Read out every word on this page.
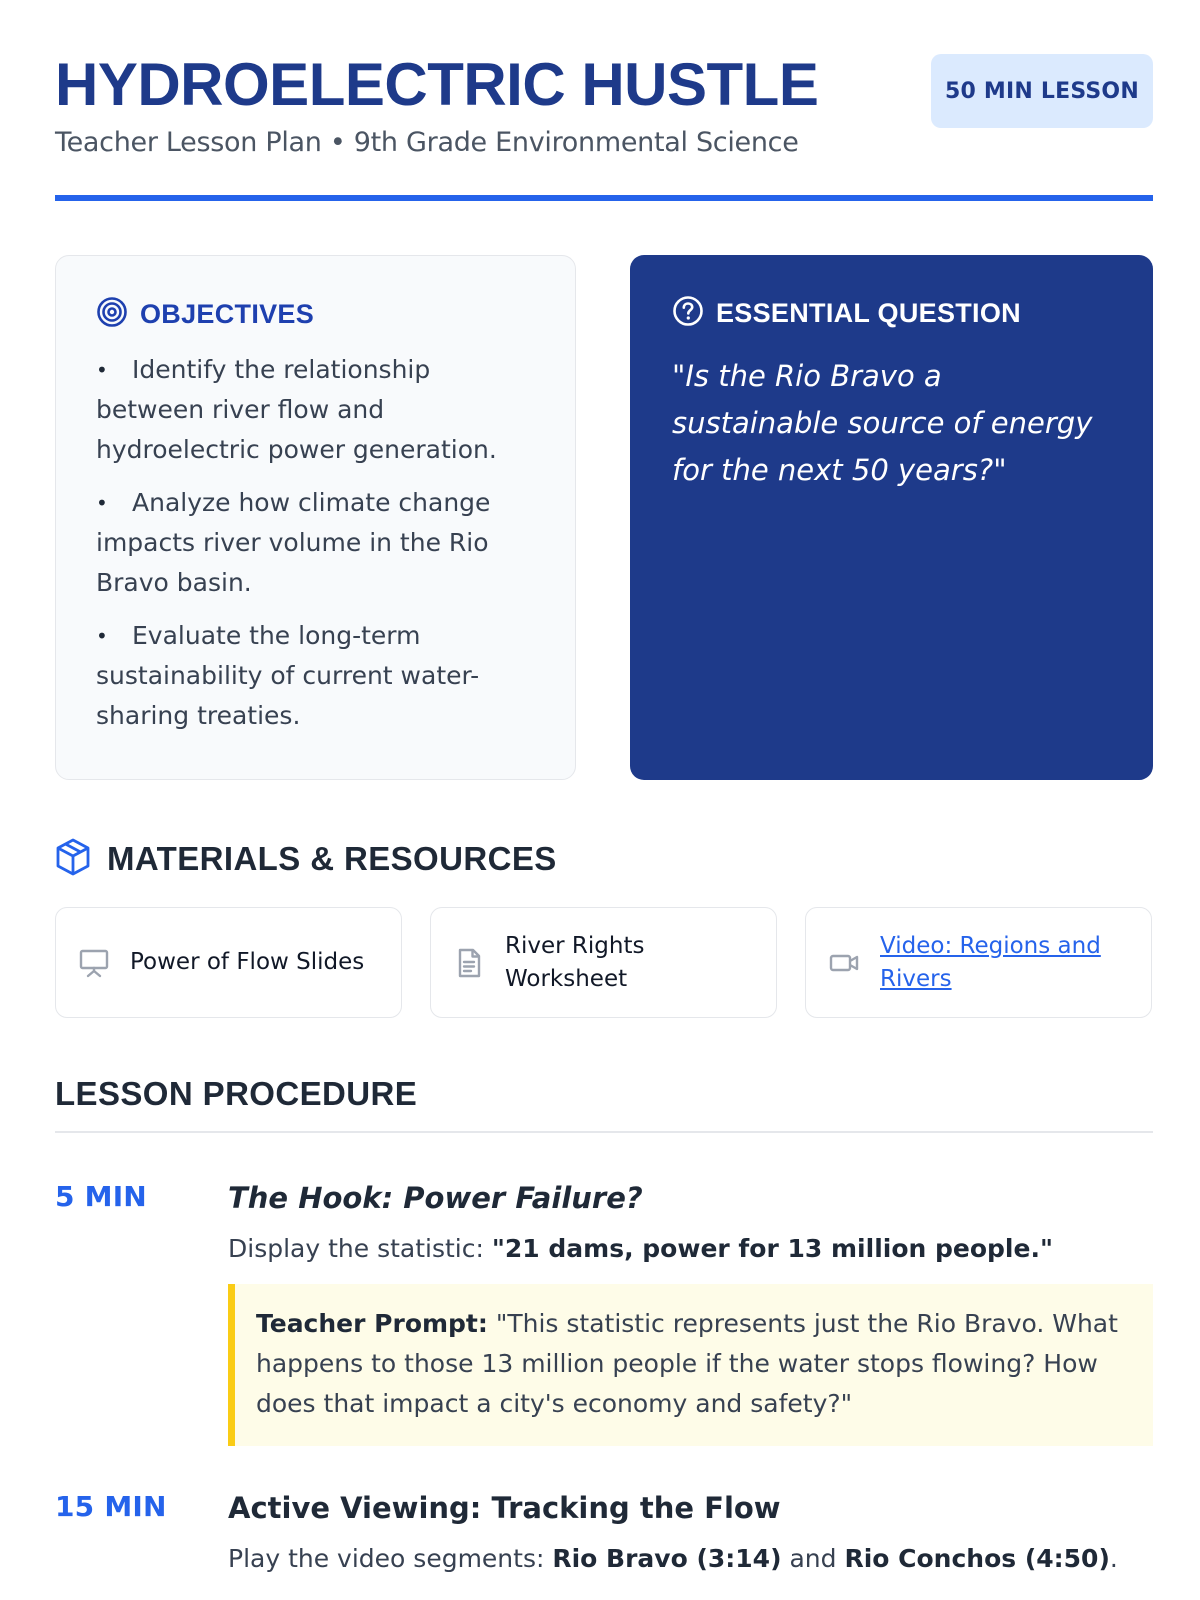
HYDROELECTRIC HUSTLE
Teacher Lesson Plan • 9th Grade Environmental Science
50 MIN LESSON
OBJECTIVES
• Identify the relationship between river flow and hydroelectric power generation.
• Analyze how climate change impacts river volume in the Rio Bravo basin.
• Evaluate the long-term sustainability of current water-sharing treaties.
ESSENTIAL QUESTION
"Is the Rio Bravo a sustainable source of energy for the next 50 years?"
MATERIALS & RESOURCES
Power of Flow Slides
River Rights Worksheet
Video: Regions and Rivers
LESSON PROCEDURE
5 MIN	The Hook: Power Failure?
Display the statistic: "21 dams, power for 13 million people."
Teacher Prompt: "This statistic represents just the Rio Bravo. What happens to those 13 million people if the water stops flowing? How does that impact a city's economy and safety?"
15 MIN Active Viewing: Tracking the Flow
Play the video segments: Rio Bravo (3:14) and Rio Conchos (4:50).
